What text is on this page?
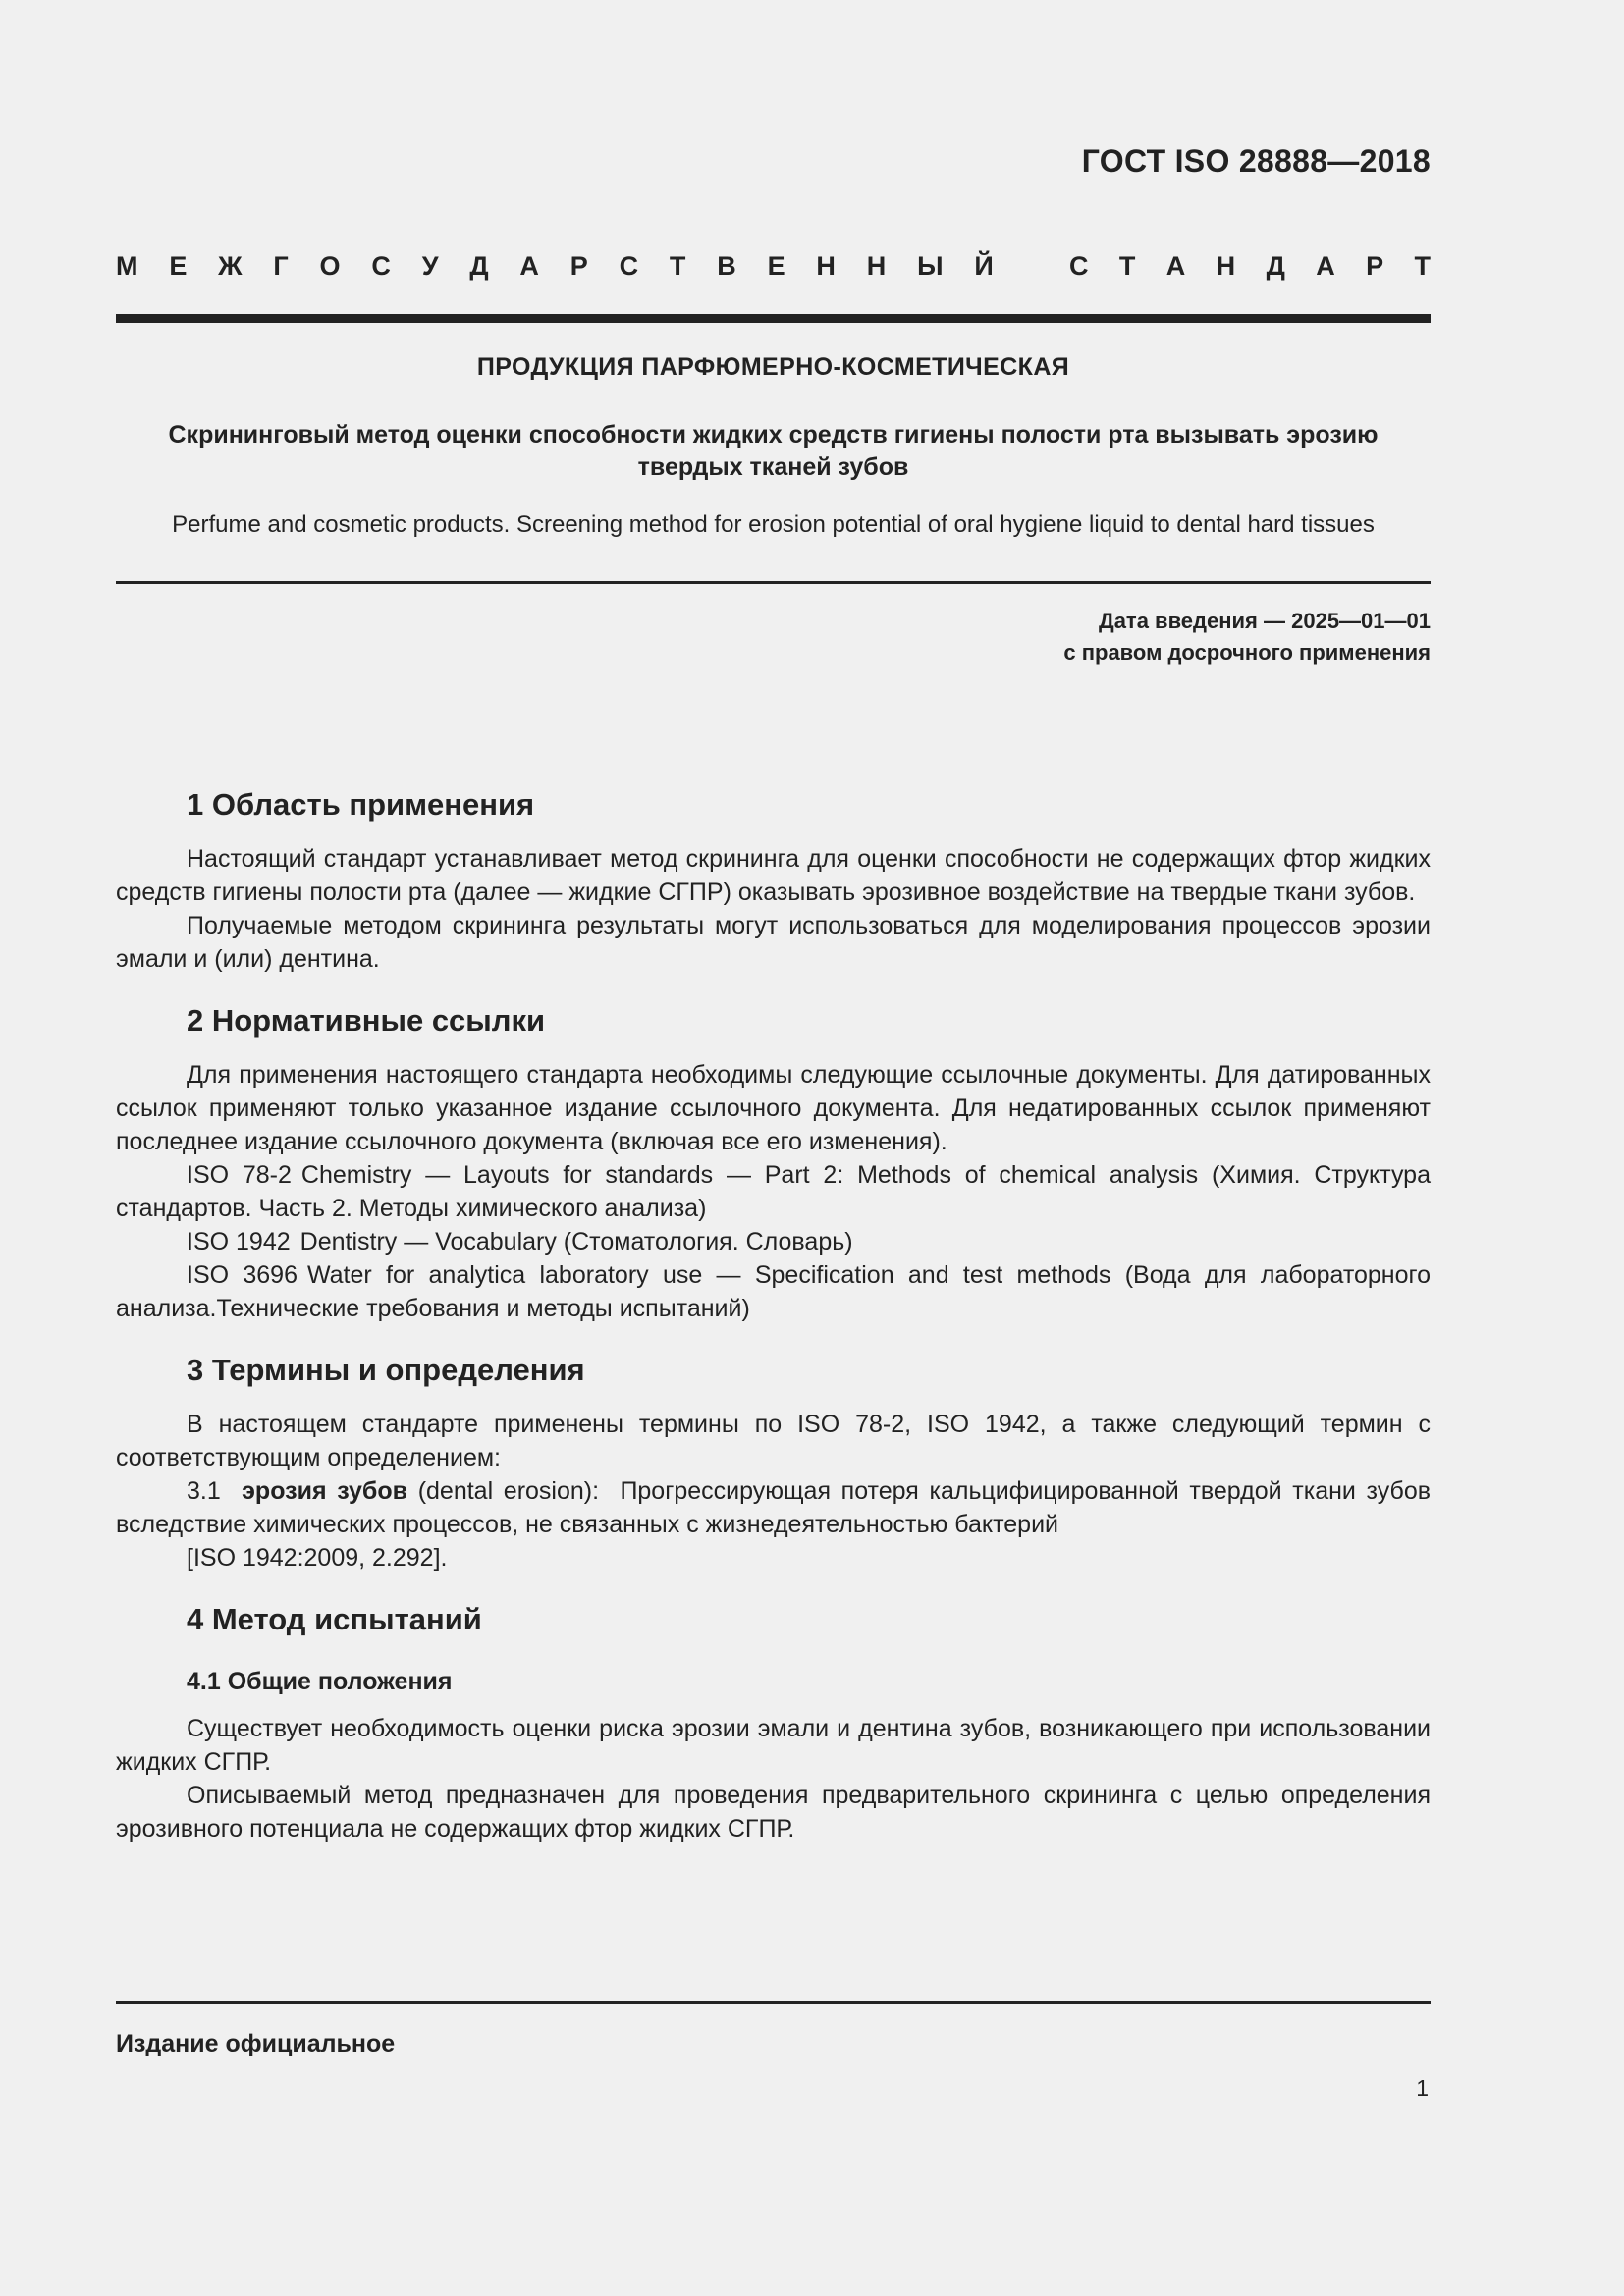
ГОСТ ISO 28888—2018
М Е Ж Г О С У Д А Р С Т В Е Н Н Ы Й	С Т А Н Д А Р Т
ПРОДУКЦИЯ ПАРФЮМЕРНО-КОСМЕТИЧЕСКАЯ
Скрининговый метод оценки способности жидких средств гигиены полости рта вызывать эрозию твердых тканей зубов
Perfume and cosmetic products. Screening method for erosion potential of oral hygiene liquid to dental hard tissues
Дата введения — 2025—01—01
с правом досрочного применения
1 Область применения

Настоящий стандарт устанавливает метод скрининга для оценки способности не содержащих фтор жидких средств гигиены полости рта (далее — жидкие СГПР) оказывать эрозивное воздействие на твердые ткани зубов.

Получаемые методом скрининга результаты могут использоваться для моделирования процессов эрозии эмали и (или) дентина.

2 Нормативные ссылки

Для применения настоящего стандарта необходимы следующие ссылочные документы. Для датированных ссылок применяют только указанное издание ссылочного документа. Для недатированных ссылок применяют последнее издание ссылочного документа (включая все его изменения).

ISO 78-2 Chemistry — Layouts for standards — Part 2: Methods of chemical analysis (Химия. Структура стандартов. Часть 2. Методы химического анализа)

ISO 1942 Dentistry — Vocabulary (Стоматология. Словарь)

ISO 3696 Water for analytica laboratory use — Specification and test methods (Вода для лабораторного анализа.Технические требования и методы испытаний)

3 Термины и определения

В настоящем стандарте применены термины по ISO 78-2, ISO 1942, а также следующий термин с соответствующим определением:

3.1 эрозия зубов (dental erosion): Прогрессирующая потеря кальцифицированной твердой ткани зубов вследствие химических процессов, не связанных с жизнедеятельностью бактерий

[ISO 1942:2009, 2.292].

4 Метод испытаний
4.1 Общие положения

Существует необходимость оценки риска эрозии эмали и дентина зубов, возникающего при использовании жидких СГПР.

Описываемый метод предназначен для проведения предварительного скрининга с целью определения эрозивного потенциала не содержащих фтор жидких СГПР.

Издание официальное
1
